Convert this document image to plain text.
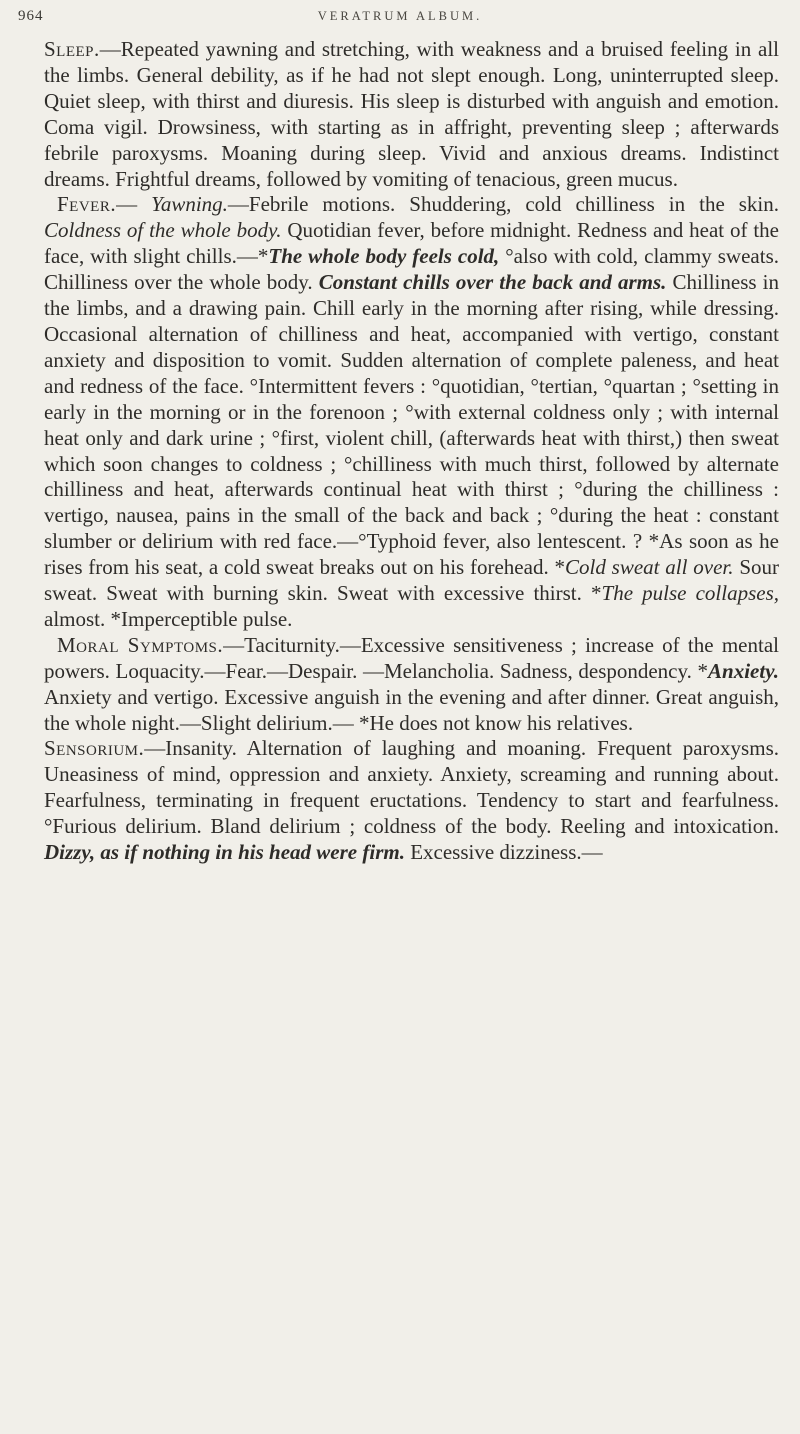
964	VERATRUM ALBUM.

Sleep.—Repeated yawning and stretching, with weakness and a bruised feeling in all the limbs. General debility, as if he had not slept enough. Long, uninterrupted sleep. Quiet sleep, with thirst and diuresis. His sleep is disturbed with anguish and emotion. Coma vigil. Drowsiness, with starting as in affright, preventing sleep ; afterwards febrile paroxysms. Moaning during sleep. Vivid and anxious dreams. Indistinct dreams. Frightful dreams, followed by vomiting of tenacious, green mucus.

Fever.— Yawning.—Febrile motions. Shuddering, cold chilliness in the skin. Coldness of the whole body. Quotidian fever, before midnight. Redness and heat of the face, with slight chills.—*The whole body feels cold, °also with cold, clammy sweats. Chilliness over the whole body. Constant chills over the back and arms. Chilliness in the limbs, and a drawing pain. Chill early in the morning after rising, while dressing. Occasional alternation of chilliness and heat, accompanied with vertigo, constant anxiety and disposition to vomit. Sudden alternation of complete paleness, and heat and redness of the face. °Intermittent fevers : °quotidian, °tertian, °quartan ; °setting in early in the morning or in the forenoon ; °with external coldness only ; with internal heat only and dark urine ; °first, violent chill, (afterwards heat with thirst,) then sweat which soon changes to coldness ; °chilliness with much thirst, followed by alternate chilliness and heat, afterwards continual heat with thirst ; °during the chilliness : vertigo, nausea, pains in the small of the back and back ; °during the heat : constant slumber or delirium with red face.—°Typhoid fever, also lentescent. ? *As soon as he rises from his seat, a cold sweat breaks out on his forehead. *Cold sweat all over. Sour sweat. Sweat with burning skin. Sweat with excessive thirst. *The pulse collapses, almost. *Imperceptible pulse.

Moral Symptoms.—Taciturnity.—Excessive sensitiveness ; increase of the mental powers. Loquacity.—Fear.—Despair. —Melancholia. Sadness, despondency. *Anxiety. Anxiety and vertigo. Excessive anguish in the evening and after dinner. Great anguish, the whole night.—Slight delirium.— *He does not know his relatives.

Sensorium.—Insanity. Alternation of laughing and moaning. Frequent paroxysms. Uneasiness of mind, oppression and anxiety. Anxiety, screaming and running about. Fearfulness, terminating in frequent eructations. Tendency to start and fearfulness. °Furious delirium. Bland delirium ; coldness of the body. Reeling and intoxication. Dizzy, as if nothing in his head were firm. Excessive dizziness.—
